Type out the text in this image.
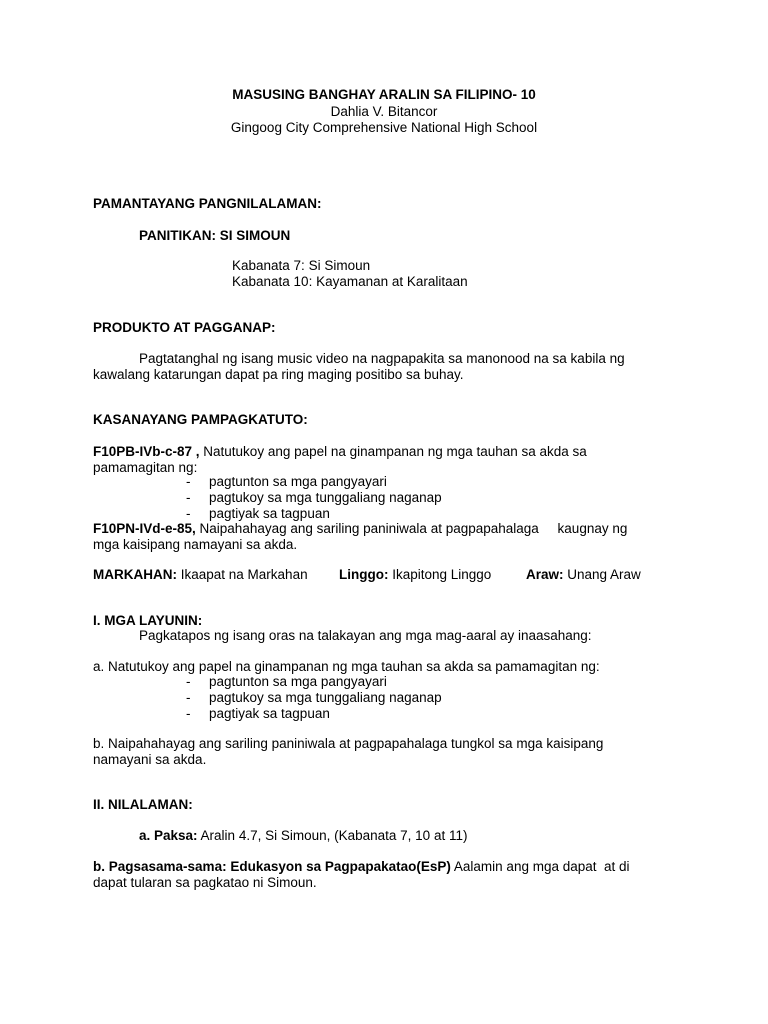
MASUSING BANGHAY ARALIN SA FILIPINO- 10
Dahlia V. Bitancor
Gingoog City Comprehensive National High School
PAMANTAYANG PANGNILALAMAN:
PANITIKAN: SI SIMOUN
Kabanata 7: Si Simoun
Kabanata 10: Kayamanan at Karalitaan
PRODUKTO AT PAGGANAP:
Pagtatanghal ng isang music video na nagpapakita sa manonood na sa kabila ng
kawalang katarungan dapat pa ring maging positibo sa buhay.
KASANAYANG PAMPAGKATUTO:
F10PB-IVb-c-87 , Natutukoy ang papel na ginampanan ng mga tauhan sa akda sa
pamamagitan ng:
- pagtunton sa mga pangyayari
- pagtukoy sa mga tunggaliang naganap
- pagtiyak sa tagpuan
F10PN-IVd-e-85, Naipahahayag ang sariling paniniwala at pagpapahalaga     kaugnay ng
mga kaisipang namayani sa akda.
MARKAHAN: Ikaapat na Markahan Linggo: Ikapitong Linggo	Araw: Unang Araw
I. MGA LAYUNIN:
Pagkatapos ng isang oras na talakayan ang mga mag-aaral ay inaasahang:
a. Natutukoy ang papel na ginampanan ng mga tauhan sa akda sa pamamagitan ng:
- pagtunton sa mga pangyayari
- pagtukoy sa mga tunggaliang naganap
- pagtiyak sa tagpuan
b. Naipahahayag ang sariling paniniwala at pagpapahalaga tungkol sa mga kaisipang
namayani sa akda.
II. NILALAMAN:
a. Paksa: Aralin 4.7, Si Simoun, (Kabanata 7, 10 at 11)
b. Pagsasama-sama: Edukasyon sa Pagpapakatao(EsP) Aalamin ang mga dapat  at di
dapat tularan sa pagkatao ni Simoun.
